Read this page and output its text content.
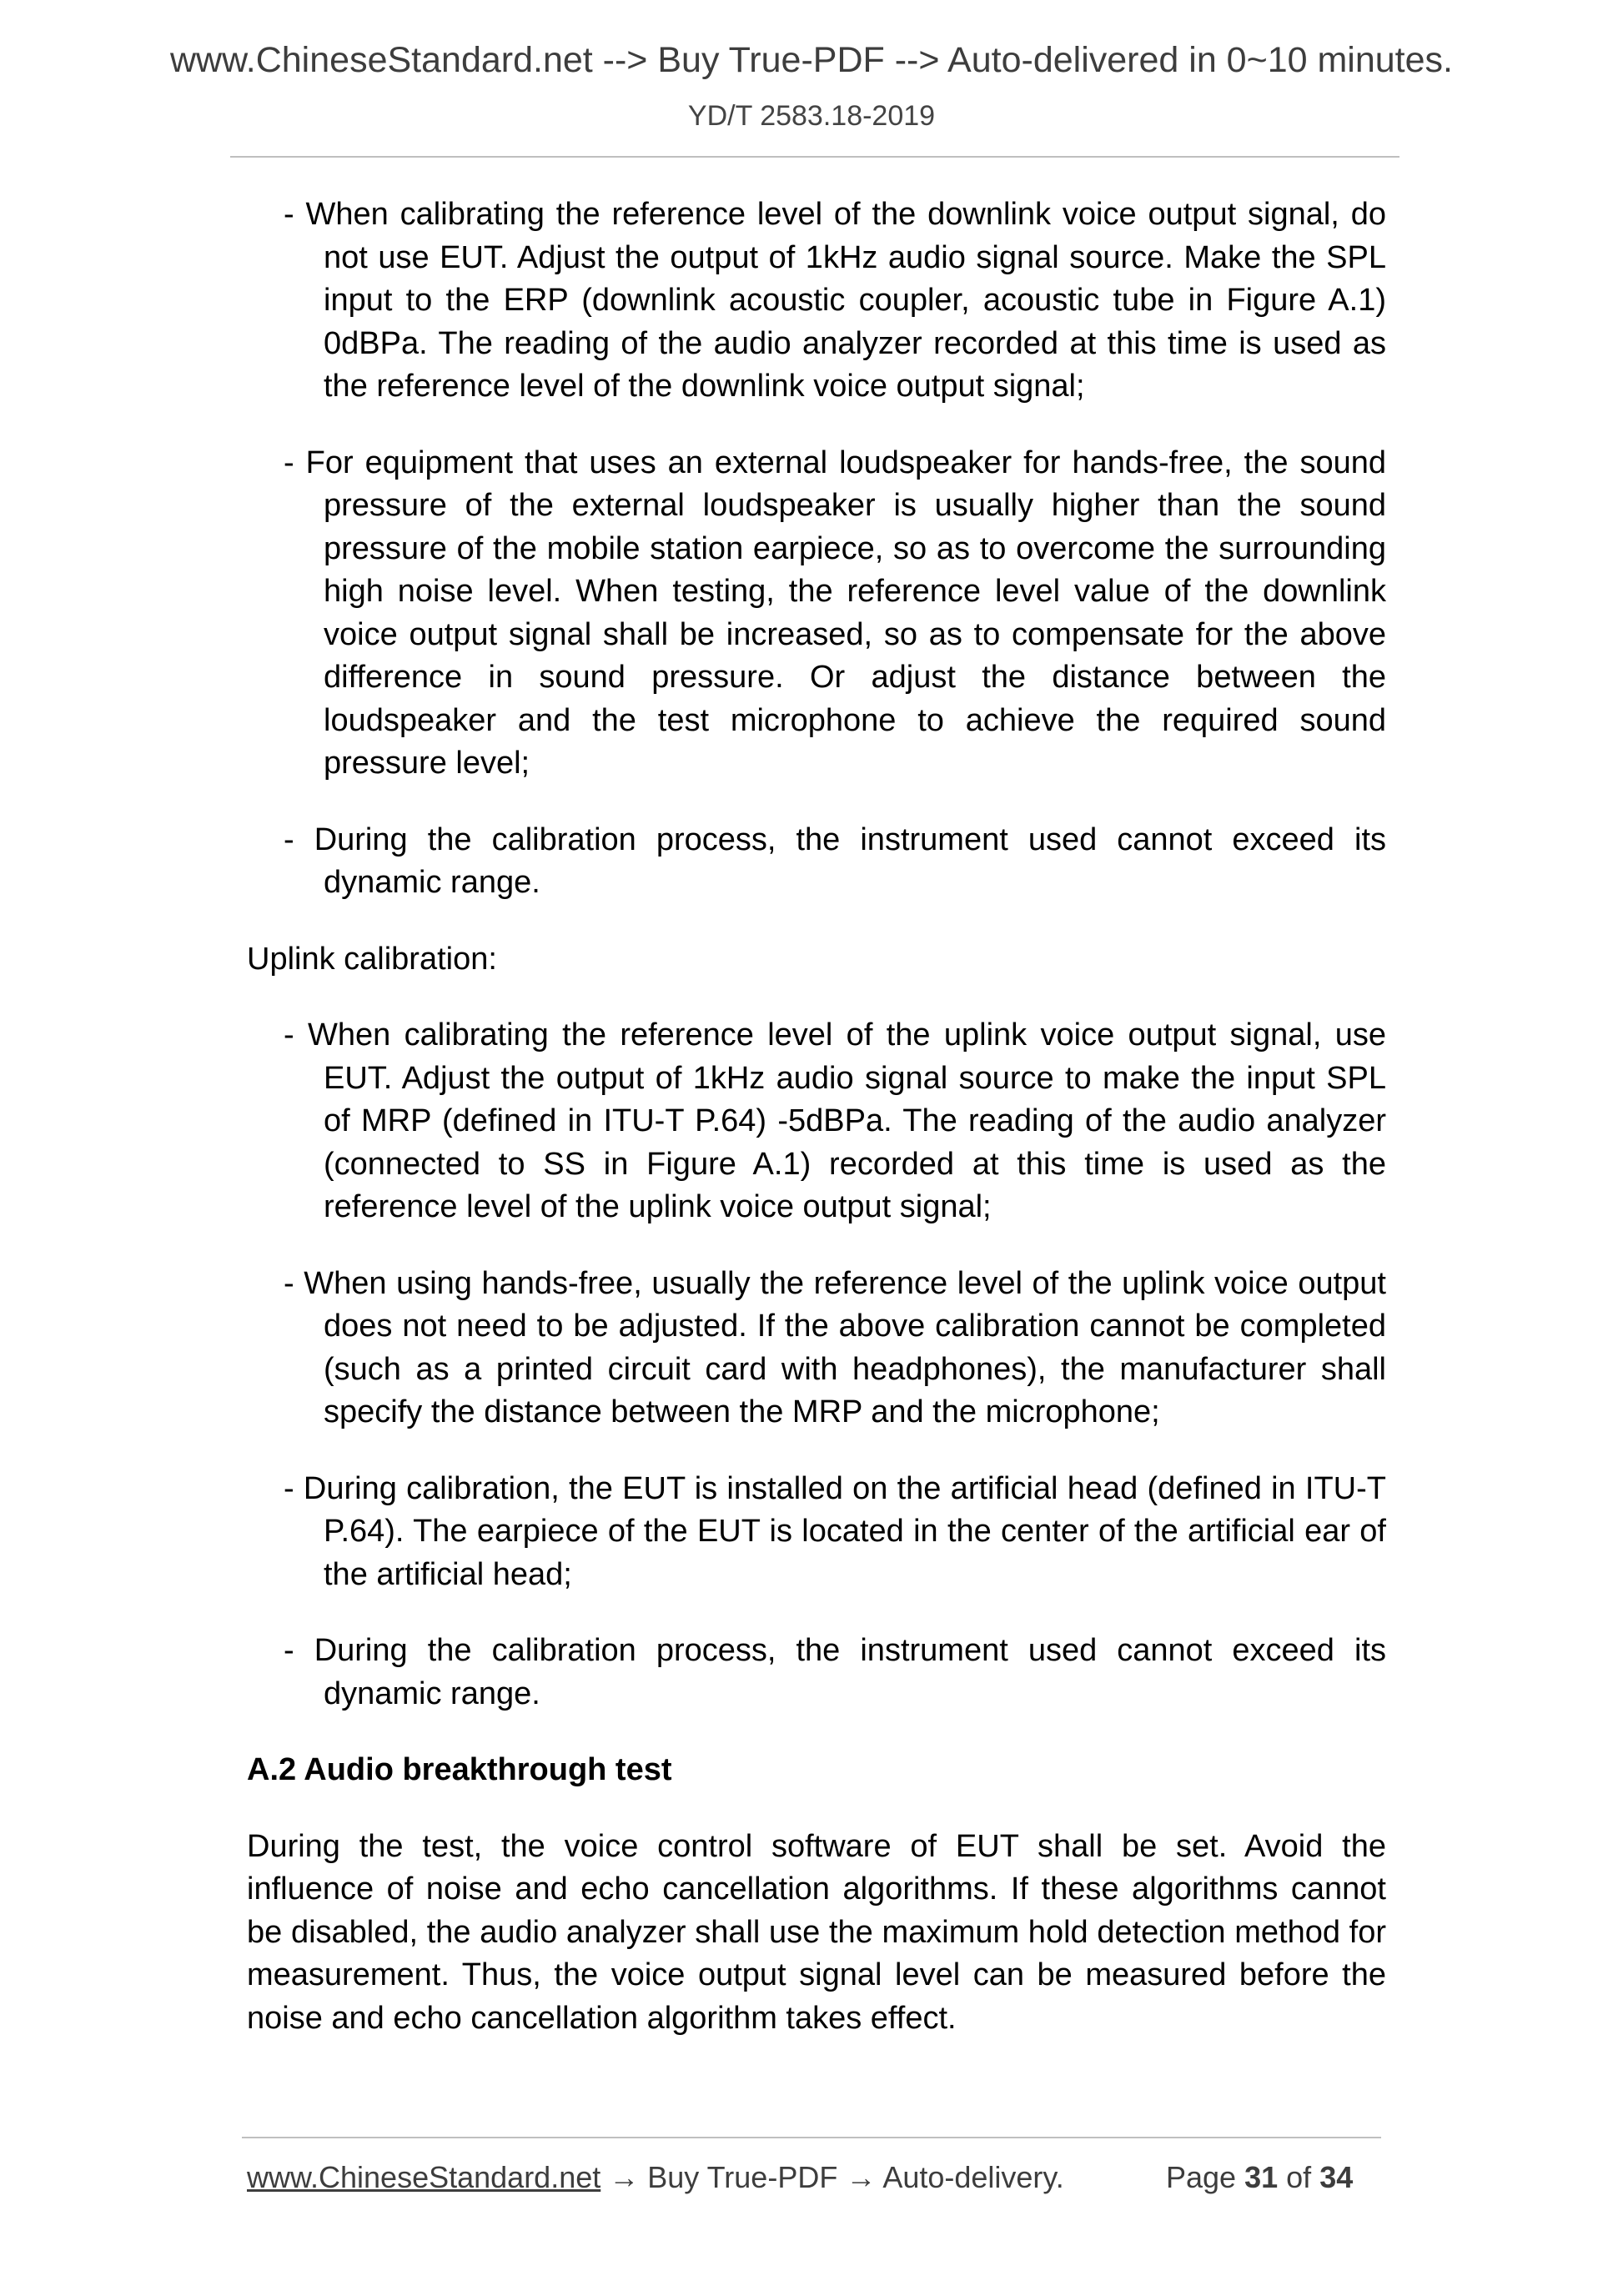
www.ChineseStandard.net --> Buy True-PDF --> Auto-delivered in 0~10 minutes.
YD/T 2583.18-2019

- When calibrating the reference level of the downlink voice output signal, do not use EUT. Adjust the output of 1kHz audio signal source. Make the SPL input to the ERP (downlink acoustic coupler, acoustic tube in Figure A.1) 0dBPa. The reading of the audio analyzer recorded at this time is used as the reference level of the downlink voice output signal;

- For equipment that uses an external loudspeaker for hands-free, the sound pressure of the external loudspeaker is usually higher than the sound pressure of the mobile station earpiece, so as to overcome the surrounding high noise level. When testing, the reference level value of the downlink voice output signal shall be increased, so as to compensate for the above difference in sound pressure. Or adjust the distance between the loudspeaker and the test microphone to achieve the required sound pressure level;

- During the calibration process, the instrument used cannot exceed its dynamic range.

Uplink calibration:

- When calibrating the reference level of the uplink voice output signal, use EUT. Adjust the output of 1kHz audio signal source to make the input SPL of MRP (defined in ITU-T P.64) -5dBPa. The reading of the audio analyzer (connected to SS in Figure A.1) recorded at this time is used as the reference level of the uplink voice output signal;

- When using hands-free, usually the reference level of the uplink voice output does not need to be adjusted. If the above calibration cannot be completed (such as a printed circuit card with headphones), the manufacturer shall specify the distance between the MRP and the microphone;

- During calibration, the EUT is installed on the artificial head (defined in ITU-T P.64). The earpiece of the EUT is located in the center of the artificial ear of the artificial head;

- During the calibration process, the instrument used cannot exceed its dynamic range.

A.2 Audio breakthrough test

During the test, the voice control software of EUT shall be set. Avoid the influence of noise and echo cancellation algorithms. If these algorithms cannot be disabled, the audio analyzer shall use the maximum hold detection method for measurement. Thus, the voice output signal level can be measured before the noise and echo cancellation algorithm takes effect.

www.ChineseStandard.net → Buy True-PDF → Auto-delivery.	Page 31 of 34
